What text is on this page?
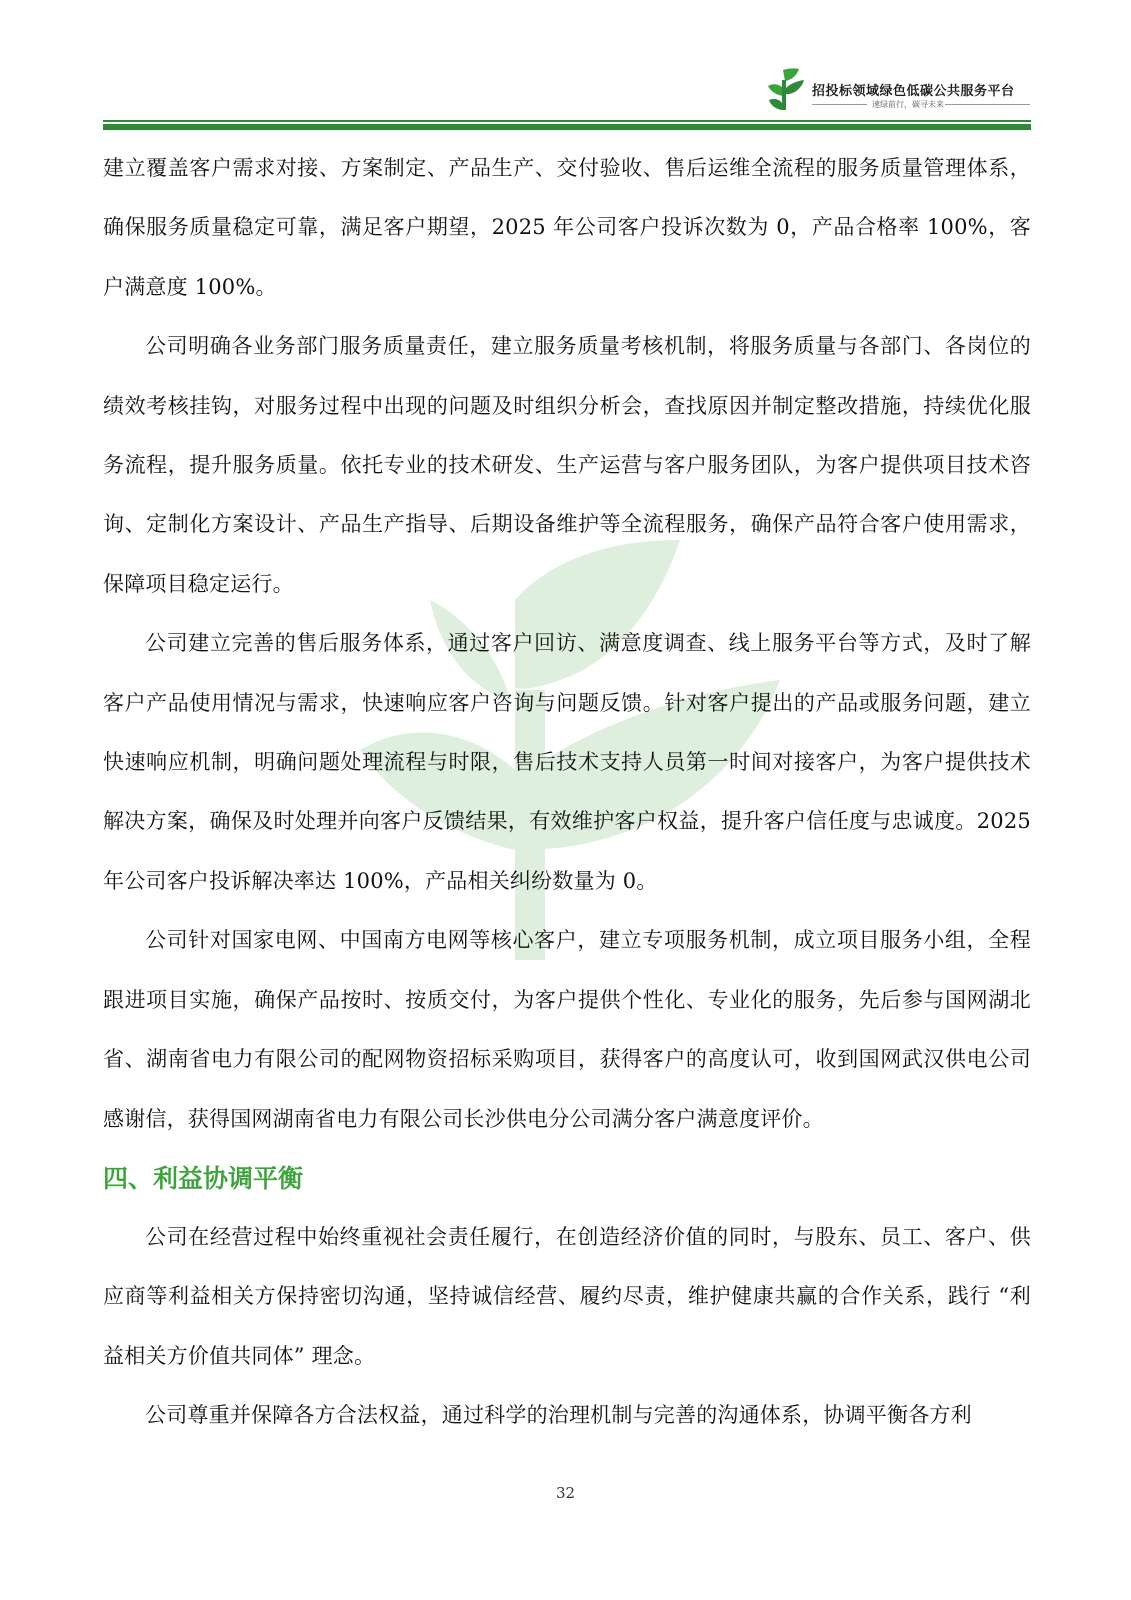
招投标领域绿色低碳公共服务平台
速绿前行，碳寻未来

建立覆盖客户需求对接、方案制定、产品生产、交付验收、售后运维全流程的服务质量管理体系，确保服务质量稳定可靠，满足客户期望，2025 年公司客户投诉次数为 0，产品合格率 100%，客户满意度 100%。

公司明确各业务部门服务质量责任，建立服务质量考核机制，将服务质量与各部门、各岗位的绩效考核挂钩，对服务过程中出现的问题及时组织分析会，查找原因并制定整改措施，持续优化服务流程，提升服务质量。依托专业的技术研发、生产运营与客户服务团队，为客户提供项目技术咨询、定制化方案设计、产品生产指导、后期设备维护等全流程服务，确保产品符合客户使用需求，保障项目稳定运行。

公司建立完善的售后服务体系，通过客户回访、满意度调查、线上服务平台等方式，及时了解客户产品使用情况与需求，快速响应客户咨询与问题反馈。针对客户提出的产品或服务问题，建立快速响应机制，明确问题处理流程与时限，售后技术支持人员第一时间对接客户，为客户提供技术解决方案，确保及时处理并向客户反馈结果，有效维护客户权益，提升客户信任度与忠诚度。2025 年公司客户投诉解决率达 100%，产品相关纠纷数量为 0。

公司针对国家电网、中国南方电网等核心客户，建立专项服务机制，成立项目服务小组，全程跟进项目实施，确保产品按时、按质交付，为客户提供个性化、专业化的服务，先后参与国网湖北省、湖南省电力有限公司的配网物资招标采购项目，获得客户的高度认可，收到国网武汉供电公司感谢信，获得国网湖南省电力有限公司长沙供电分公司满分客户满意度评价。

四、利益协调平衡

公司在经营过程中始终重视社会责任履行，在创造经济价值的同时，与股东、员工、客户、供应商等利益相关方保持密切沟通，坚持诚信经营、履约尽责，维护健康共赢的合作关系，践行 “利益相关方价值共同体” 理念。

公司尊重并保障各方合法权益，通过科学的治理机制与完善的沟通体系，协调平衡各方利

32
